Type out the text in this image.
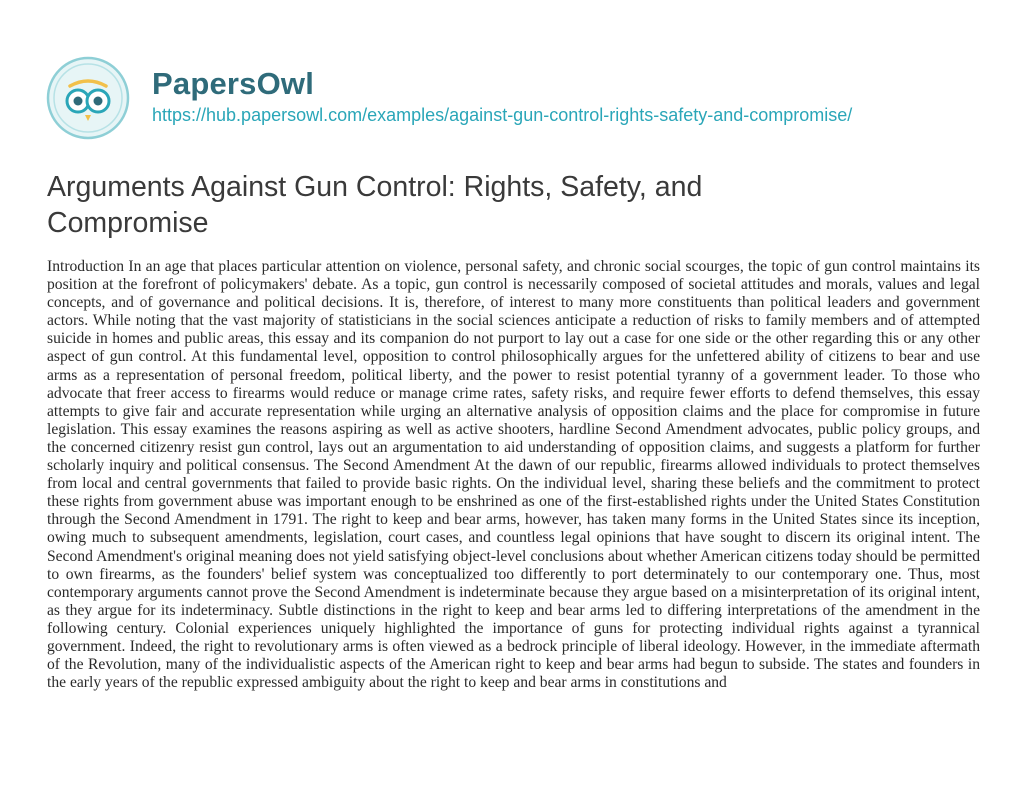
PapersOwl
https://hub.papersowl.com/examples/against-gun-control-rights-safety-and-compromise/
Arguments Against Gun Control: Rights, Safety, and Compromise

Introduction In an age that places particular attention on violence, personal safety, and chronic social scourges, the topic of gun control maintains its position at the forefront of policymakers' debate. As a topic, gun control is necessarily composed of societal attitudes and morals, values and legal concepts, and of governance and political decisions. It is, therefore, of interest to many more constituents than political leaders and government actors. While noting that the vast majority of statisticians in the social sciences anticipate a reduction of risks to family members and of attempted suicide in homes and public areas, this essay and its companion do not purport to lay out a case for one side or the other regarding this or any other aspect of gun control. At this fundamental level, opposition to control philosophically argues for the unfettered ability of citizens to bear and use arms as a representation of personal freedom, political liberty, and the power to resist potential tyranny of a government leader. To those who advocate that freer access to firearms would reduce or manage crime rates, safety risks, and require fewer efforts to defend themselves, this essay attempts to give fair and accurate representation while urging an alternative analysis of opposition claims and the place for compromise in future legislation. This essay examines the reasons aspiring as well as active shooters, hardline Second Amendment advocates, public policy groups, and the concerned citizenry resist gun control, lays out an argumentation to aid understanding of opposition claims, and suggests a platform for further scholarly inquiry and political consensus. The Second Amendment At the dawn of our republic, firearms allowed individuals to protect themselves from local and central governments that failed to provide basic rights. On the individual level, sharing these beliefs and the commitment to protect these rights from government abuse was important enough to be enshrined as one of the first-established rights under the United States Constitution through the Second Amendment in 1791. The right to keep and bear arms, however, has taken many forms in the United States since its inception, owing much to subsequent amendments, legislation, court cases, and countless legal opinions that have sought to discern its original intent. The Second Amendment's original meaning does not yield satisfying object-level conclusions about whether American citizens today should be permitted to own firearms, as the founders' belief system was conceptualized too differently to port determinately to our contemporary one. Thus, most contemporary arguments cannot prove the Second Amendment is indeterminate because they argue based on a misinterpretation of its original intent, as they argue for its indeterminacy. Subtle distinctions in the right to keep and bear arms led to differing interpretations of the amendment in the following century. Colonial experiences uniquely highlighted the importance of guns for protecting individual rights against a tyrannical government. Indeed, the right to revolutionary arms is often viewed as a bedrock principle of liberal ideology. However, in the immediate aftermath of the Revolution, many of the individualistic aspects of the American right to keep and bear arms had begun to subside. The states and founders in the early years of the republic expressed ambiguity about the right to keep and bear arms in constitutions and
